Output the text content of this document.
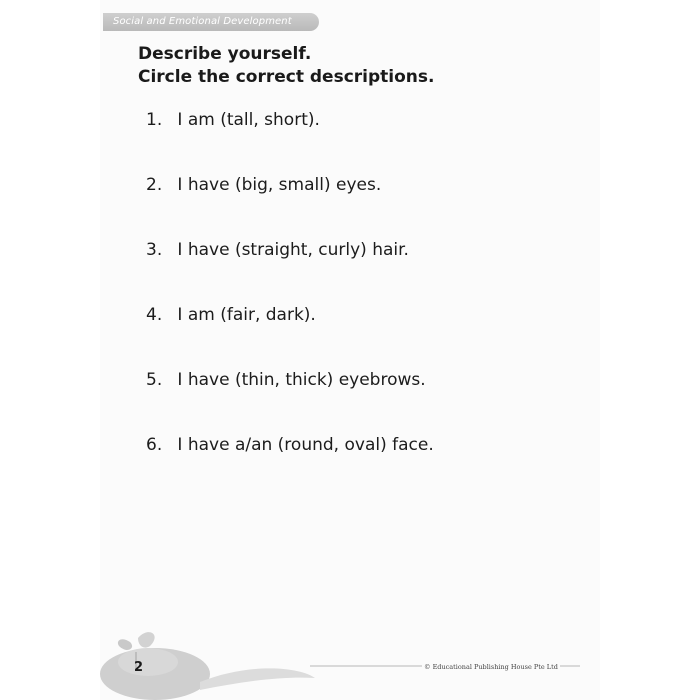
Social and Emotional Development
Describe yourself.
Circle the correct descriptions.
1. I am (tall, short).
2. I have (big, small) eyes.
3. I have (straight, curly) hair.
4. I am (fair, dark).
5. I have (thin, thick) eyebrows.
6. I have a/an (round, oval) face.
2	© Educational Publishing House Pte Ltd
